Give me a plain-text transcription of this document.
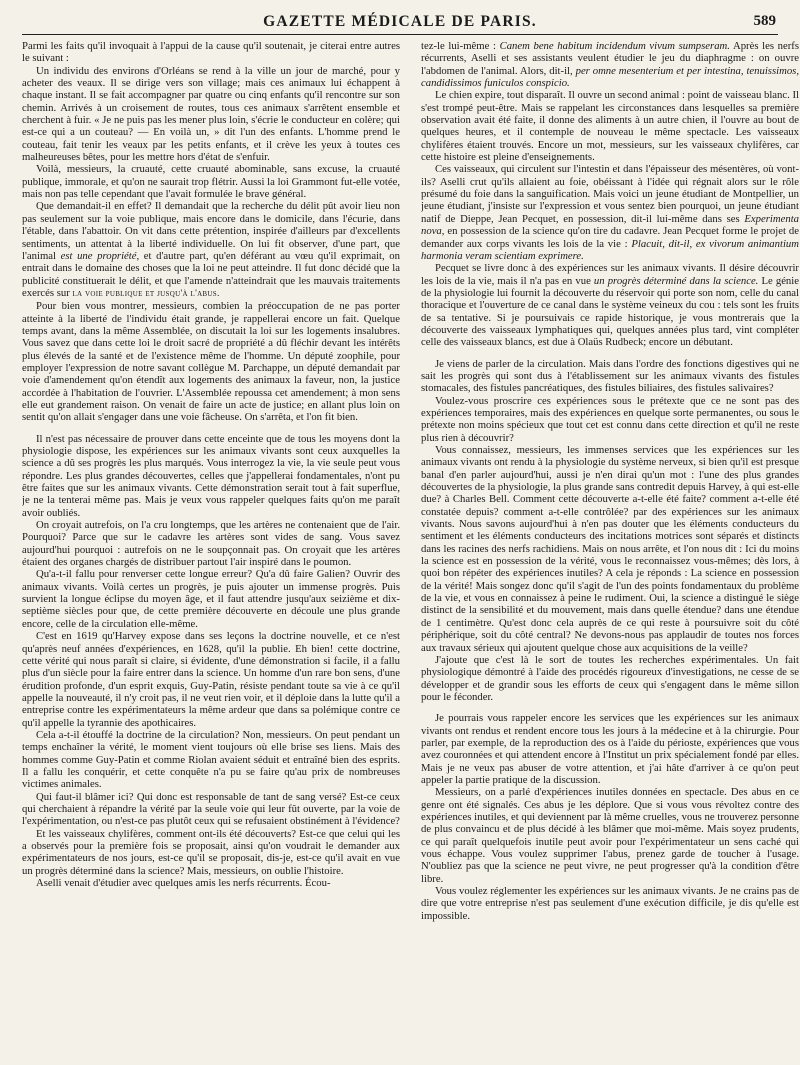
GAZETTE MÉDICALE DE PARIS.	589

Parmi les faits qu'il invoquait à l'appui de la cause qu'il soutenait, je citerai entre autres le suivant :

Un individu des environs d'Orléans se rend à la ville un jour de marché, pour y acheter des veaux. Il se dirige vers son village; mais ces animaux lui échappent à chaque instant. Il se fait accompagner par quatre ou cinq enfants qu'il rencontre sur son chemin. Arrivés à un croisement de routes, tous ces animaux s'arrêtent ensemble et cherchent à fuir. « Je ne puis pas les mener plus loin, s'écrie le conducteur en colère; qui est-ce qui a un couteau? — En voilà un, » dit l'un des enfants. L'homme prend le couteau, fait tenir les veaux par les petits enfants, et il crève les yeux à toutes ces malheureuses bêtes, pour les mettre hors d'état de s'enfuir.

Voilà, messieurs, la cruauté, cette cruauté abominable, sans excuse, la cruauté publique, immorale, et qu'on ne saurait trop flétrir. Aussi la loi Grammont fut-elle votée, mais non pas telle cependant que l'avait formulée le brave général.

Que demandait-il en effet? Il demandait que la recherche du délit pût avoir lieu non pas seulement sur la voie publique, mais encore dans le domicile, dans l'écurie, dans l'étable, dans l'abattoir. On vit dans cette prétention, inspirée d'ailleurs par d'excellents sentiments, un attentat à la liberté individuelle. On lui fit observer, d'une part, que l'animal est une propriété, et d'autre part, qu'en déférant au vœu qu'il exprimait, on entrait dans le domaine des choses que la loi ne peut atteindre. Il fut donc décidé que la publicité constituerait le délit, et que l'amende n'atteindrait que les mauvais traitements exercés sur la voie publique et jusqu'à l'abus.

Pour bien vous montrer, messieurs, combien la préoccupation de ne pas porter atteinte à la liberté de l'individu était grande, je rappellerai encore un fait. Quelque temps avant, dans la même Assemblée, on discutait la loi sur les logements insalubres. Vous savez que dans cette loi le droit sacré de propriété a dû fléchir devant les intérêts plus élevés de la santé et de l'existence même de l'homme. Un député zoophile, pour employer l'expression de notre savant collègue M. Parchappe, un député demandait par voie d'amendement qu'on étendît aux logements des animaux la faveur, non, la justice accordée à l'habitation de l'ouvrier. L'Assemblée repoussa cet amendement; à mon sens elle eut grandement raison. On venait de faire un acte de justice; en allant plus loin on sentit qu'on allait s'engager dans une voie fâcheuse. On s'arrêta, et l'on fit bien.

Il n'est pas nécessaire de prouver dans cette enceinte que de tous les moyens dont la physiologie dispose, les expériences sur les animaux vivants sont ceux auxquelles la science a dû ses progrès les plus marqués. Vous interrogez la vie, la vie seule peut vous répondre. Les plus grandes découvertes, celles que j'appellerai fondamentales, n'ont pu être faites que sur les animaux vivants. Cette démonstration serait tout à fait superflue, je ne la tenterai même pas. Mais je veux vous rappeler quelques faits qu'on me paraît avoir oubliés.

On croyait autrefois, on l'a cru longtemps, que les artères ne contenaient que de l'air. Pourquoi? Parce que sur le cadavre les artères sont vides de sang. Vous savez aujourd'hui pourquoi : autrefois on ne le soupçonnait pas. On croyait que les artères étaient des organes chargés de distribuer partout l'air inspiré dans le poumon.

Qu'a-t-il fallu pour renverser cette longue erreur? Qu'a dû faire Galien? Ouvrir des animaux vivants. Voilà certes un progrès, je puis ajouter un immense progrès. Puis survient la longue éclipse du moyen âge, et il faut attendre jusqu'aux seizième et dix-septième siècles pour que, de cette première découverte en découle une plus grande encore, celle de la circulation elle-même.

C'est en 1619 qu'Harvey expose dans ses leçons la doctrine nouvelle, et ce n'est qu'après neuf années d'expériences, en 1628, qu'il la publie. Eh bien! cette doctrine, cette vérité qui nous paraît si claire, si évidente, d'une démonstration si facile, il a fallu plus d'un siècle pour la faire entrer dans la science. Un homme d'un rare bon sens, d'une érudition profonde, d'un esprit exquis, Guy-Patin, résiste pendant toute sa vie à ce qu'il appelle la nouveauté, il n'y croit pas, il ne veut rien voir, et il déploie dans la lutte qu'il a entreprise contre les expérimentateurs la même ardeur que dans sa polémique contre ce qu'il appelle la tyrannie des apothicaires.

Cela a-t-il étouffé la doctrine de la circulation? Non, messieurs. On peut pendant un temps enchaîner la vérité, le moment vient toujours où elle brise ses liens. Mais des hommes comme Guy-Patin et comme Riolan avaient séduit et entraîné bien des esprits. Il a fallu les conquérir, et cette conquête n'a pu se faire qu'au prix de nombreuses victimes animales.

Qui faut-il blâmer ici? Qui donc est responsable de tant de sang versé? Est-ce ceux qui cherchaient à répandre la vérité par la seule voie qui leur fût ouverte, par la voie de l'expérimentation, ou n'est-ce pas plutôt ceux qui se refusaient obstinément à l'évidence?

Et les vaisseaux chylifères, comment ont-ils été découverts? Est-ce que celui qui les a observés pour la première fois se proposait, ainsi qu'on voudrait le demander aux expérimentateurs de nos jours, est-ce qu'il se proposait, dis-je, est-ce qu'il avait en vue un progrès déterminé dans la science? Mais, messieurs, on oublie l'histoire.

Aselli venait d'étudier avec quelques amis les nerfs récurrents. Écou-

tez-le lui-même : Canem bene habitum incidendum vivum sumpseram. Après les nerfs récurrents, Aselli et ses assistants veulent étudier le jeu du diaphragme : on ouvre l'abdomen de l'animal. Alors, dit-il, per omne mesenterium et per intestina, tenuissimos, candidissimos funiculos conspicio.

Le chien expire, tout disparaît. Il ouvre un second animal : point de vaisseau blanc. Il s'est trompé peut-être. Mais se rappelant les circonstances dans lesquelles sa première observation avait été faite, il donne des aliments à un autre chien, il l'ouvre au bout de quelques heures, et il contemple de nouveau le même spectacle. Les vaisseaux chylifères étaient trouvés. Encore un mot, messieurs, sur les vaisseaux chylifères, car cette histoire est pleine d'enseignements.

Ces vaisseaux, qui circulent sur l'intestin et dans l'épaisseur des mésentères, où vont-ils? Aselli crut qu'ils allaient au foie, obéissant à l'idée qui régnait alors sur le rôle présumé du foie dans la sanguification. Mais voici un jeune étudiant de Montpellier, un jeune étudiant, j'insiste sur l'expression et vous sentez bien pourquoi, un jeune étudiant natif de Dieppe, Jean Pecquet, en possession, dit-il lui-même dans ses Experimenta nova, en possession de la science qu'on tire du cadavre. Jean Pecquet forme le projet de demander aux corps vivants les lois de la vie : Placuit, dit-il, ex vivorum animantium harmonia veram scientiam exprimere.

Pecquet se livre donc à des expériences sur les animaux vivants. Il désire découvrir les lois de la vie, mais il n'a pas en vue un progrès déterminé dans la science. Le génie de la physiologie lui fournit la découverte du réservoir qui porte son nom, celle du canal thoracique et l'ouverture de ce canal dans le système veineux du cou : tels sont les fruits de sa tentative. Si je poursuivais ce rapide historique, je vous montrerais que la découverte des vaisseaux lymphatiques qui, quelques années plus tard, vint compléter celle des vaisseaux blancs, est due à Olaüs Rudbeck; encore un débutant.

Je viens de parler de la circulation. Mais dans l'ordre des fonctions digestives qui ne sait les progrès qui sont dus à l'établissement sur les animaux vivants des fistules stomacales, des fistules pancréatiques, des fistules biliaires, des fistules salivaires?

Voulez-vous proscrire ces expériences sous le prétexte que ce ne sont pas des expériences temporaires, mais des expériences en quelque sorte permanentes, ou sous le prétexte non moins spécieux que tout cet est connu dans cette direction et qu'il ne reste plus rien à découvrir?

Vous connaissez, messieurs, les immenses services que les expériences sur les animaux vivants ont rendu à la physiologie du système nerveux, si bien qu'il est presque banal d'en parler aujourd'hui, aussi je n'en dirai qu'un mot : l'une des plus grandes découvertes de la physiologie, la plus grande sans contredit depuis Harvey, à qui est-elle due? à Charles Bell. Comment cette découverte a-t-elle été faite? comment a-t-elle été constatée depuis? comment a-t-elle contrôlée? par des expériences sur les animaux vivants. Nous savons aujourd'hui à n'en pas douter que les éléments conducteurs du sentiment et les éléments conducteurs des incitations motrices sont séparés et distincts dans les racines des nerfs rachidiens. Mais on nous arrête, et l'on nous dit : Ici du moins la science est en possession de la vérité, vous le reconnaissez vous-mêmes; dès lors, à quoi bon répéter des expériences inutiles? A cela je réponds : La science en possession de la vérité! Mais songez donc qu'il s'agit de l'un des points fondamentaux du problème de la vie, et vous en connaissez à peine le rudiment. Oui, la science a distingué le siège distinct de la sensibilité et du mouvement, mais dans quelle étendue? dans une étendue de 1 centimètre. Qu'est donc cela auprès de ce qui reste à poursuivre soit du côté périphérique, soit du côté central? Ne devons-nous pas applaudir de toutes nos forces aux travaux sérieux qui ajoutent quelque chose aux acquisitions de la veille?

J'ajoute que c'est là le sort de toutes les recherches expérimentales. Un fait physiologique démontré à l'aide des procédés rigoureux d'investigations, ne cesse de se développer et de grandir sous les efforts de ceux qui s'engagent dans le même sillon pour le féconder.

Je pourrais vous rappeler encore les services que les expériences sur les animaux vivants ont rendus et rendent encore tous les jours à la médecine et à la chirurgie. Pour parler, par exemple, de la reproduction des os à l'aide du périoste, expériences que vous avez couronnées et qui attendent encore à l'Institut un prix spécialement fondé par elles. Mais je ne veux pas abuser de votre attention, et j'ai hâte d'arriver à ce qu'on peut appeler la partie pratique de la discussion.

Messieurs, on a parlé d'expériences inutiles données en spectacle. Des abus en ce genre ont été signalés. Ces abus je les déplore. Que si vous vous révoltez contre des expériences inutiles, et qui deviennent par là même cruelles, vous ne trouverez personne de plus convaincu et de plus décidé à les blâmer que moi-même. Mais soyez prudents, ce qui paraît quelquefois inutile peut avoir pour l'expérimentateur un sens caché qui vous échappe. Vous voulez supprimer l'abus, prenez garde de toucher à l'usage. N'oubliez pas que la science ne peut vivre, ne peut progresser qu'à la condition d'être libre.

Vous voulez réglementer les expériences sur les animaux vivants. Je ne crains pas de dire que votre entreprise n'est pas seulement d'une exécution difficile, je dis qu'elle est impossible.
